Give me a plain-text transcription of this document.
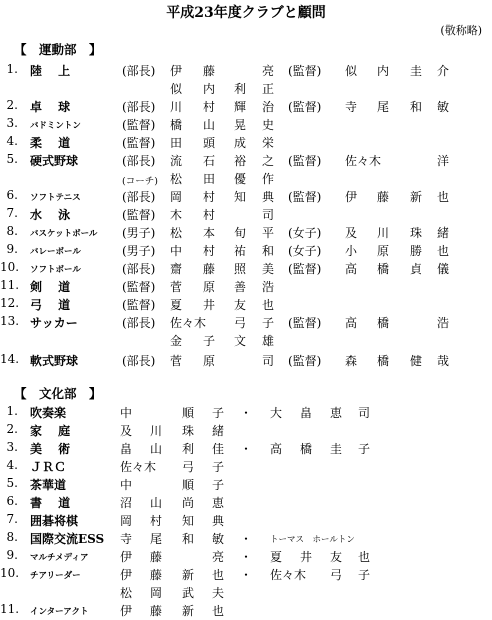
平成23年度クラブと顧問
(敬称略)
【　運動部　】
1. 陸　 上	(部長) 伊 藤	亮 (監督) 似 内 圭 介
似 内 利 正
2. 卓　 球	(部長) 川 村 輝 治 (監督) 寺 尾 和 敏
3. バドミントン	(監督) 橋 山 晃 史
4. 柔　 道	(監督) 田 頭 成 栄
5. 硬式野球	(部長) 流 石 裕 之 (監督) 佐々木	洋
(コーチ) 松 田 優 作
6. ソフトテニス	(部長) 岡 村 知 典 (監督) 伊 藤 新 也
7. 水　 泳	(監督) 木 村	司
8. バスケットボール (男子) 松 本 旬 平 (女子) 及 川 珠 緒
9. バレーボール	(男子) 中 村 祐 和 (女子) 小 原 勝 也
10. ソフトボール	(部長) 齋 藤 照 美 (監督) 高 橋 貞 儀
11. 剣　 道	(監督) 菅 原 善 浩
12. 弓　 道	(監督) 夏 井 友 也
13. サッカー	(部長) 佐々木 弓 子 (監督) 高 橋	浩
金 子 文 雄
14. 軟式野球	(部長) 菅 原	司 (監督) 森 橋 健 哉
【　文化部　】
1. 吹奏楽	中	順 子 ・ 大 畠 恵 司
2. 家　 庭	及 川 珠 緒
3. 美　 術	畠 山 利 佳 ・ 高 橋 圭 子
4. ＪＲＣ	佐々木 弓 子
5. 茶華道	中	順 子
6. 書　 道	沼 山 尚 恵
7. 囲碁将棋	岡 村 知 典
8. 国際交流ESS 寺 尾 和 敏 ・ トーマス　ホールトン
9. マルチメディア	伊 藤	亮 ・ 夏 井 友 也
10. チアリーダー	伊 藤 新 也 ・ 佐々木 弓 子
松 岡 武 夫
11. インターアクト	伊 藤 新 也
